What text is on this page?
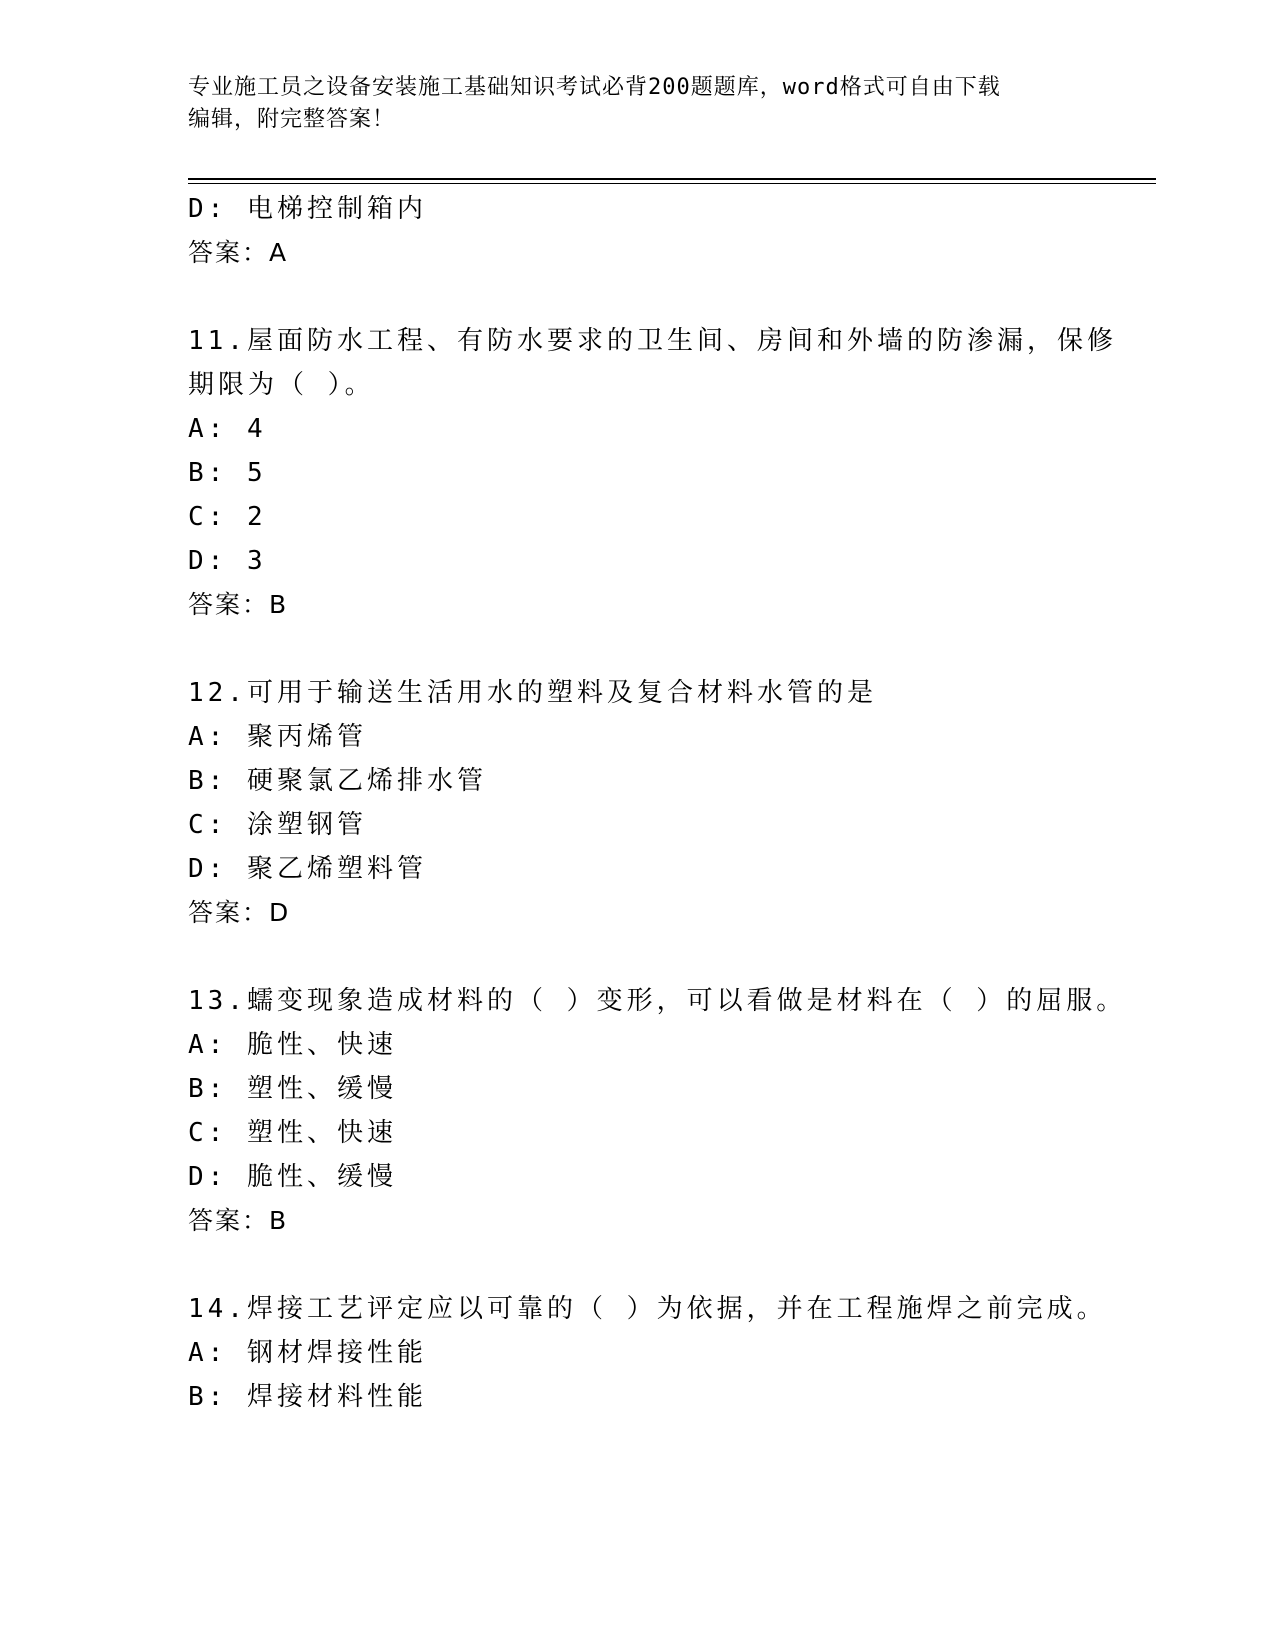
专业施工员之设备安装施工基础知识考试必背200题题库，word格式可自由下载
编辑，附完整答案！
D: 电梯控制箱内
答案：A
11.屋面防水工程、有防水要求的卫生间、房间和外墙的防渗漏，保修
期限为（ ）。
A: 4
B: 5
C: 2
D: 3
答案：B
12.可用于输送生活用水的塑料及复合材料水管的是
A: 聚丙烯管
B: 硬聚氯乙烯排水管
C: 涂塑钢管
D: 聚乙烯塑料管
答案：D
13.蠕变现象造成材料的（ ）变形，可以看做是材料在（ ）的屈服。
A: 脆性、快速
B: 塑性、缓慢
C: 塑性、快速
D: 脆性、缓慢
答案：B
14.焊接工艺评定应以可靠的（ ）为依据，并在工程施焊之前完成。
A: 钢材焊接性能
B: 焊接材料性能
